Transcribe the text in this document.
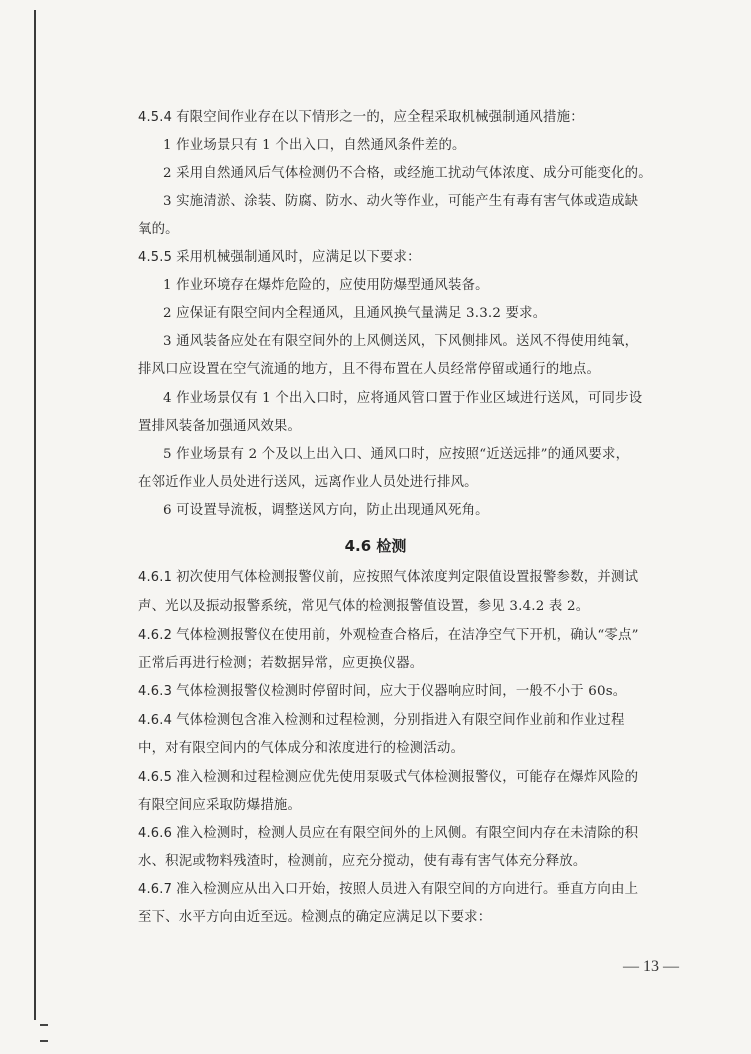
4.5.4 有限空间作业存在以下情形之一的，应全程采取机械强制通风措施：
1 作业场景只有 1 个出入口，自然通风条件差的。
2 采用自然通风后气体检测仍不合格，或经施工扰动气体浓度、成分可能变化的。
3 实施清淤、涂装、防腐、防水、动火等作业，可能产生有毒有害气体或造成缺
氧的。
4.5.5 采用机械强制通风时，应满足以下要求：
1 作业环境存在爆炸危险的，应使用防爆型通风装备。
2 应保证有限空间内全程通风，且通风换气量满足 3.3.2 要求。
3 通风装备应处在有限空间外的上风侧送风，下风侧排风。送风不得使用纯氧，
排风口应设置在空气流通的地方，且不得布置在人员经常停留或通行的地点。
4 作业场景仅有 1 个出入口时，应将通风管口置于作业区域进行送风，可同步设
置排风装备加强通风效果。
5 作业场景有 2 个及以上出入口、通风口时，应按照“近送远排”的通风要求，
在邻近作业人员处进行送风，远离作业人员处进行排风。
6 可设置导流板，调整送风方向，防止出现通风死角。
4.6 检测
4.6.1 初次使用气体检测报警仪前，应按照气体浓度判定限值设置报警参数，并测试
声、光以及振动报警系统，常见气体的检测报警值设置，参见 3.4.2 表 2。
4.6.2 气体检测报警仪在使用前，外观检查合格后，在洁净空气下开机，确认“零点”
正常后再进行检测；若数据异常，应更换仪器。
4.6.3 气体检测报警仪检测时停留时间，应大于仪器响应时间，一般不小于 60s。
4.6.4 气体检测包含准入检测和过程检测，分别指进入有限空间作业前和作业过程
中，对有限空间内的气体成分和浓度进行的检测活动。
4.6.5 准入检测和过程检测应优先使用泵吸式气体检测报警仪，可能存在爆炸风险的
有限空间应采取防爆措施。
4.6.6 准入检测时，检测人员应在有限空间外的上风侧。有限空间内存在未清除的积
水、积泥或物料残渣时，检测前，应充分搅动，使有毒有害气体充分释放。
4.6.7 准入检测应从出入口开始，按照人员进入有限空间的方向进行。垂直方向由上
至下、水平方向由近至远。检测点的确定应满足以下要求：
— 13 —
